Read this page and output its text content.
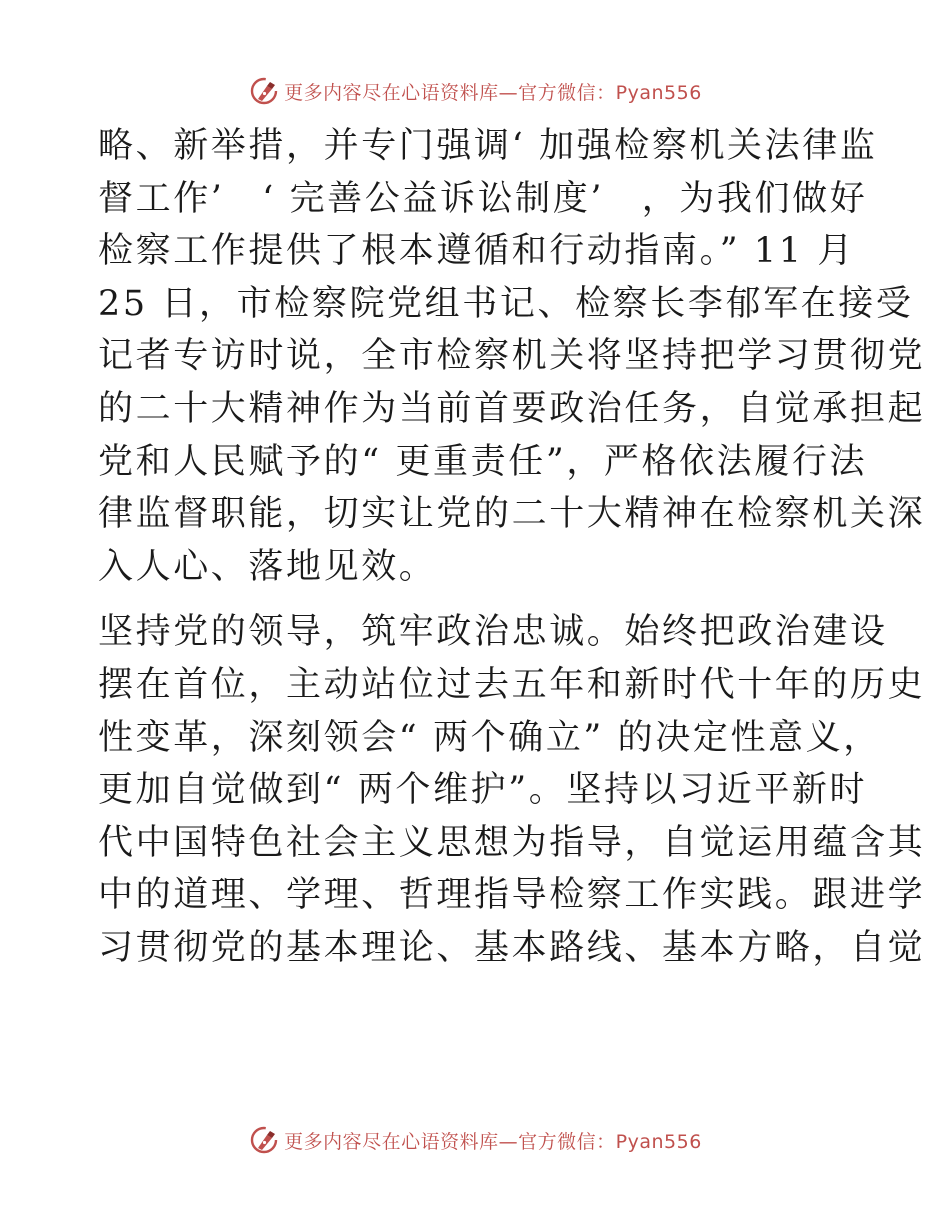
更多内容尽在心语资料库—官方微信：Pyan556

略、新举措，并专门强调‘ 加强检察机关法律监
督工作’　‘ 完善公益诉讼制度’　，为我们做好
检察工作提供了根本遵循和行动指南。” 11 月
25 日，市检察院党组书记、检察长李郁军在接受
记者专访时说，全市检察机关将坚持把学习贯彻党
的二十大精神作为当前首要政治任务，自觉承担起
党和人民赋予的“ 更重责任”，严格依法履行法
律监督职能，切实让党的二十大精神在检察机关深
入人心、落地见效。

坚持党的领导，筑牢政治忠诚。始终把政治建设
摆在首位，主动站位过去五年和新时代十年的历史
性变革，深刻领会“ 两个确立” 的决定性意义，
更加自觉做到“ 两个维护”。坚持以习近平新时
代中国特色社会主义思想为指导，自觉运用蕴含其
中的道理、学理、哲理指导检察工作实践。跟进学
习贯彻党的基本理论、基本路线、基本方略，自觉

更多内容尽在心语资料库—官方微信：Pyan556
